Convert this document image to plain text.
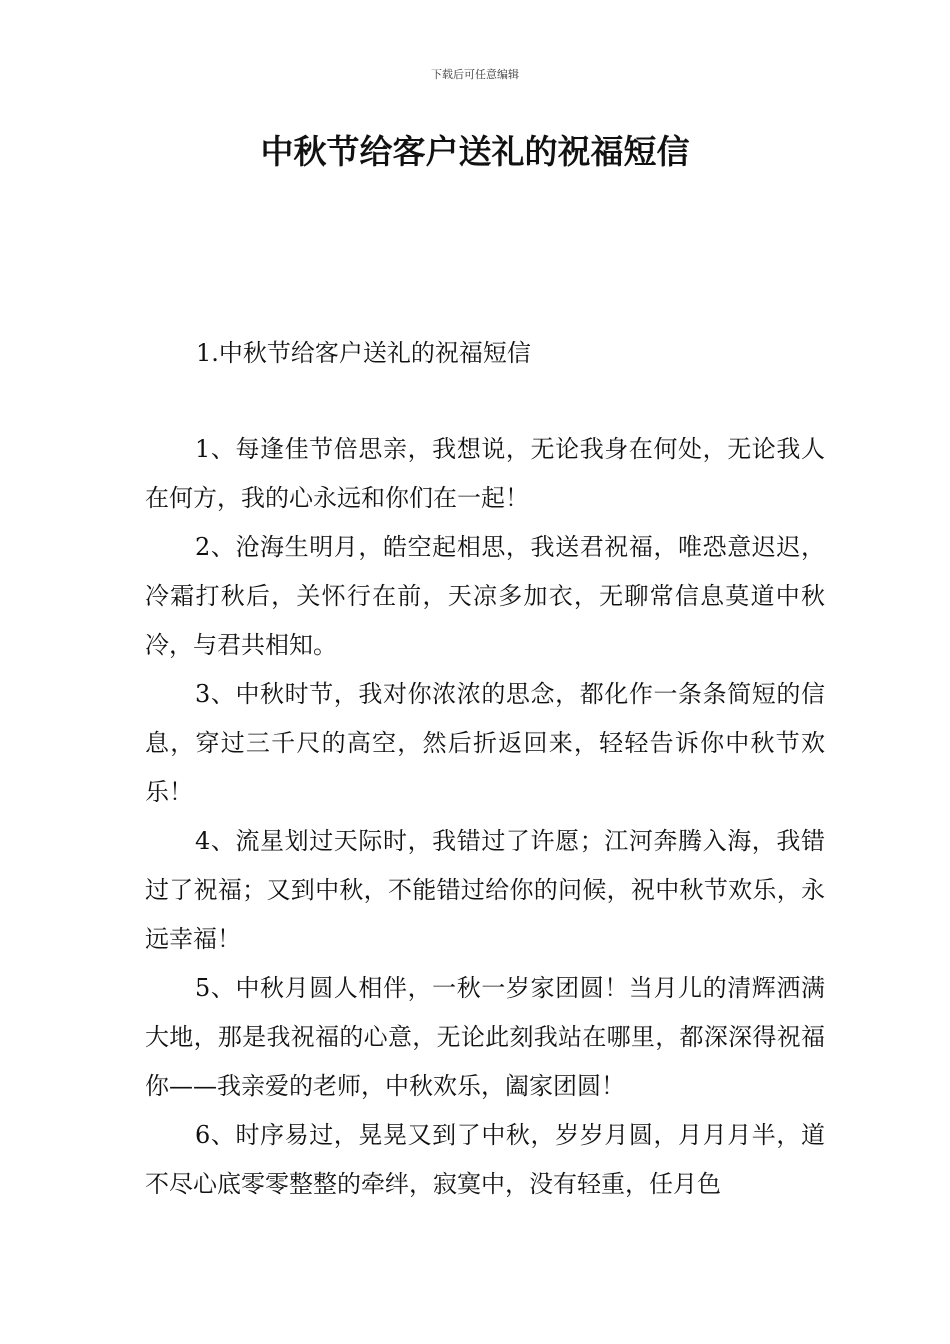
下载后可任意编辑
中秋节给客户送礼的祝福短信
1.中秋节给客户送礼的祝福短信

1、每逢佳节倍思亲，我想说，无论我身在何处，无论我人在何方，我的心永远和你们在一起！

2、沧海生明月，皓空起相思，我送君祝福，唯恐意迟迟，冷霜打秋后，关怀行在前，天凉多加衣，无聊常信息莫道中秋冷，与君共相知。

3、中秋时节，我对你浓浓的思念，都化作一条条简短的信息，穿过三千尺的高空，然后折返回来，轻轻告诉你中秋节欢乐！

4、流星划过天际时，我错过了许愿；江河奔腾入海，我错过了祝福；又到中秋，不能错过给你的问候，祝中秋节欢乐，永远幸福！

5、中秋月圆人相伴，一秋一岁家团圆！当月儿的清辉洒满大地，那是我祝福的心意，无论此刻我站在哪里，都深深得祝福你——我亲爱的老师，中秋欢乐，阖家团圆！

6、时序易过，晃晃又到了中秋，岁岁月圆，月月月半，道不尽心底零零整整的牵绊，寂寞中，没有轻重，任月色
